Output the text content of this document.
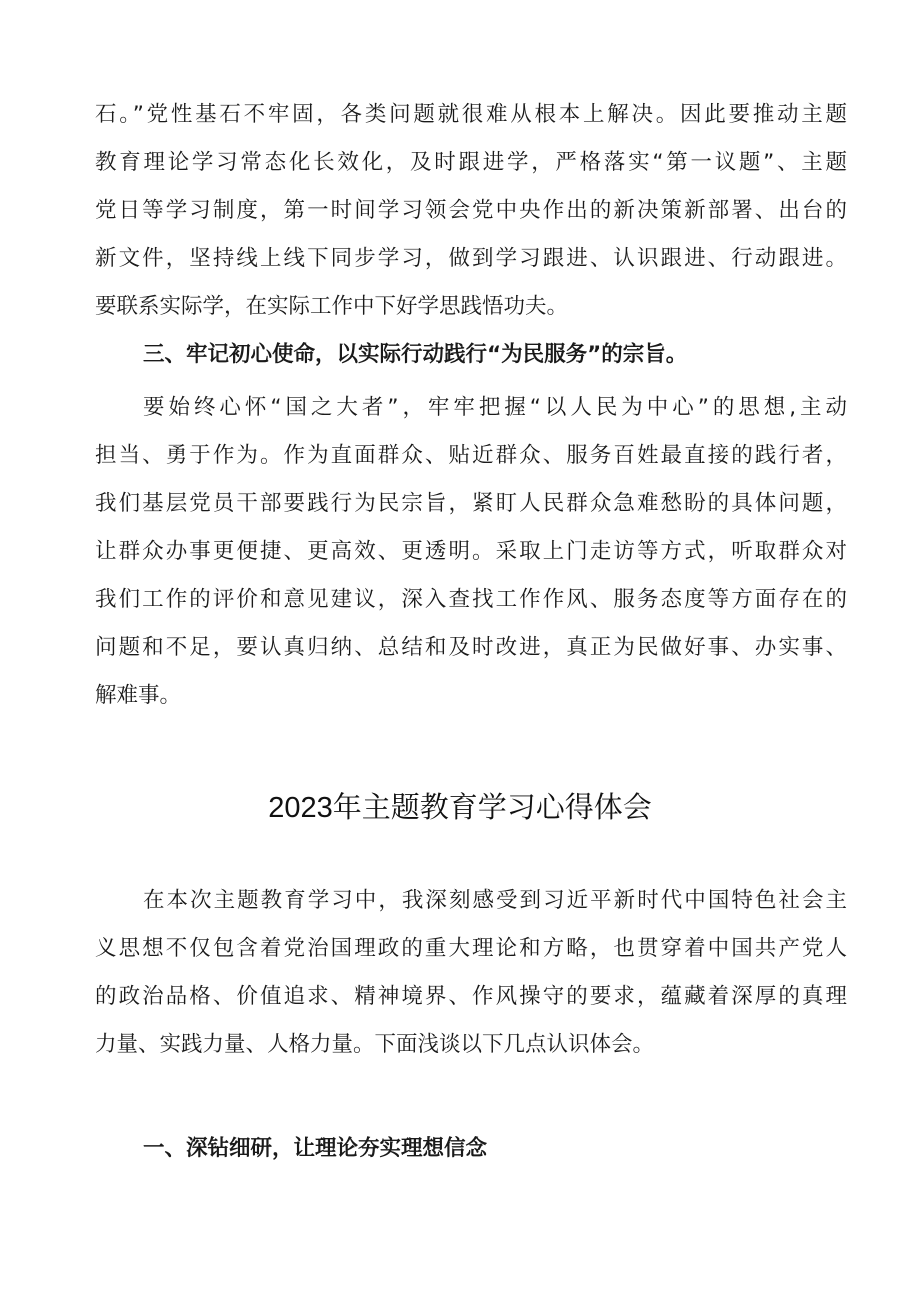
石。”党性基石不牢固，各类问题就很难从根本上解决。因此要推动主题
教育理论学习常态化长效化，及时跟进学，严格落实“第一议题”、主题
党日等学习制度，第一时间学习领会党中央作出的新决策新部署、出台的
新文件，坚持线上线下同步学习，做到学习跟进、认识跟进、行动跟进。
要联系实际学，在实际工作中下好学思践悟功夫。
三、牢记初心使命，以实际行动践行“为民服务”的宗旨。
要始终心怀“国之大者”，牢牢把握“以人民为中心”的思想,主动
担当、勇于作为。作为直面群众、贴近群众、服务百姓最直接的践行者，
我们基层党员干部要践行为民宗旨，紧盯人民群众急难愁盼的具体问题，
让群众办事更便捷、更高效、更透明。采取上门走访等方式，听取群众对
我们工作的评价和意见建议，深入查找工作作风、服务态度等方面存在的
问题和不足，要认真归纳、总结和及时改进，真正为民做好事、办实事、
解难事。
2023年主题教育学习心得体会
在本次主题教育学习中，我深刻感受到习近平新时代中国特色社会主
义思想不仅包含着党治国理政的重大理论和方略，也贯穿着中国共产党人
的政治品格、价值追求、精神境界、作风操守的要求，蕴藏着深厚的真理
力量、实践力量、人格力量。下面浅谈以下几点认识体会。
一、深钻细研，让理论夯实理想信念
